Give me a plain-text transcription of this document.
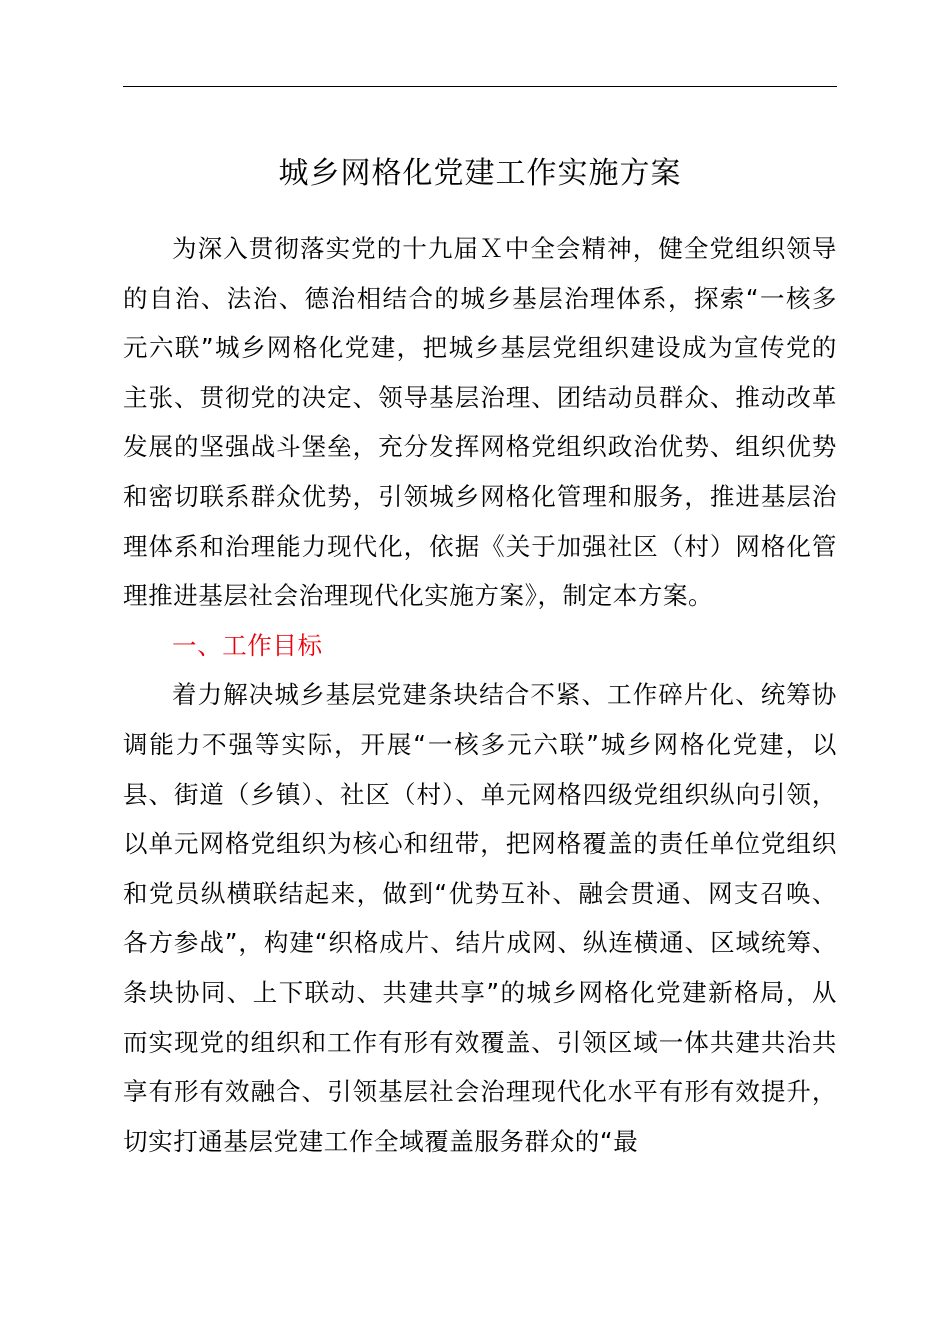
城乡网格化党建工作实施方案

为深入贯彻落实党的十九届Ｘ中全会精神，健全党组织领导的自治、法治、德治相结合的城乡基层治理体系，探索“一核多元六联”城乡网格化党建，把城乡基层党组织建设成为宣传党的主张、贯彻党的决定、领导基层治理、团结动员群众、推动改革发展的坚强战斗堡垒，充分发挥网格党组织政治优势、组织优势和密切联系群众优势，引领城乡网格化管理和服务，推进基层治理体系和治理能力现代化，依据《关于加强社区（村）网格化管理推进基层社会治理现代化实施方案》，制定本方案。

一、工作目标

着力解决城乡基层党建条块结合不紧、工作碎片化、统筹协调能力不强等实际，开展“一核多元六联”城乡网格化党建，以县、街道（乡镇）、社区（村）、单元网格四级党组织纵向引领，以单元网格党组织为核心和纽带，把网格覆盖的责任单位党组织和党员纵横联结起来，做到“优势互补、融会贯通、网支召唤、各方参战”，构建“织格成片、结片成网、纵连横通、区域统筹、条块协同、上下联动、共建共享”的城乡网格化党建新格局，从而实现党的组织和工作有形有效覆盖、引领区域一体共建共治共享有形有效融合、引领基层社会治理现代化水平有形有效提升，切实打通基层党建工作全域覆盖服务群众的“最
